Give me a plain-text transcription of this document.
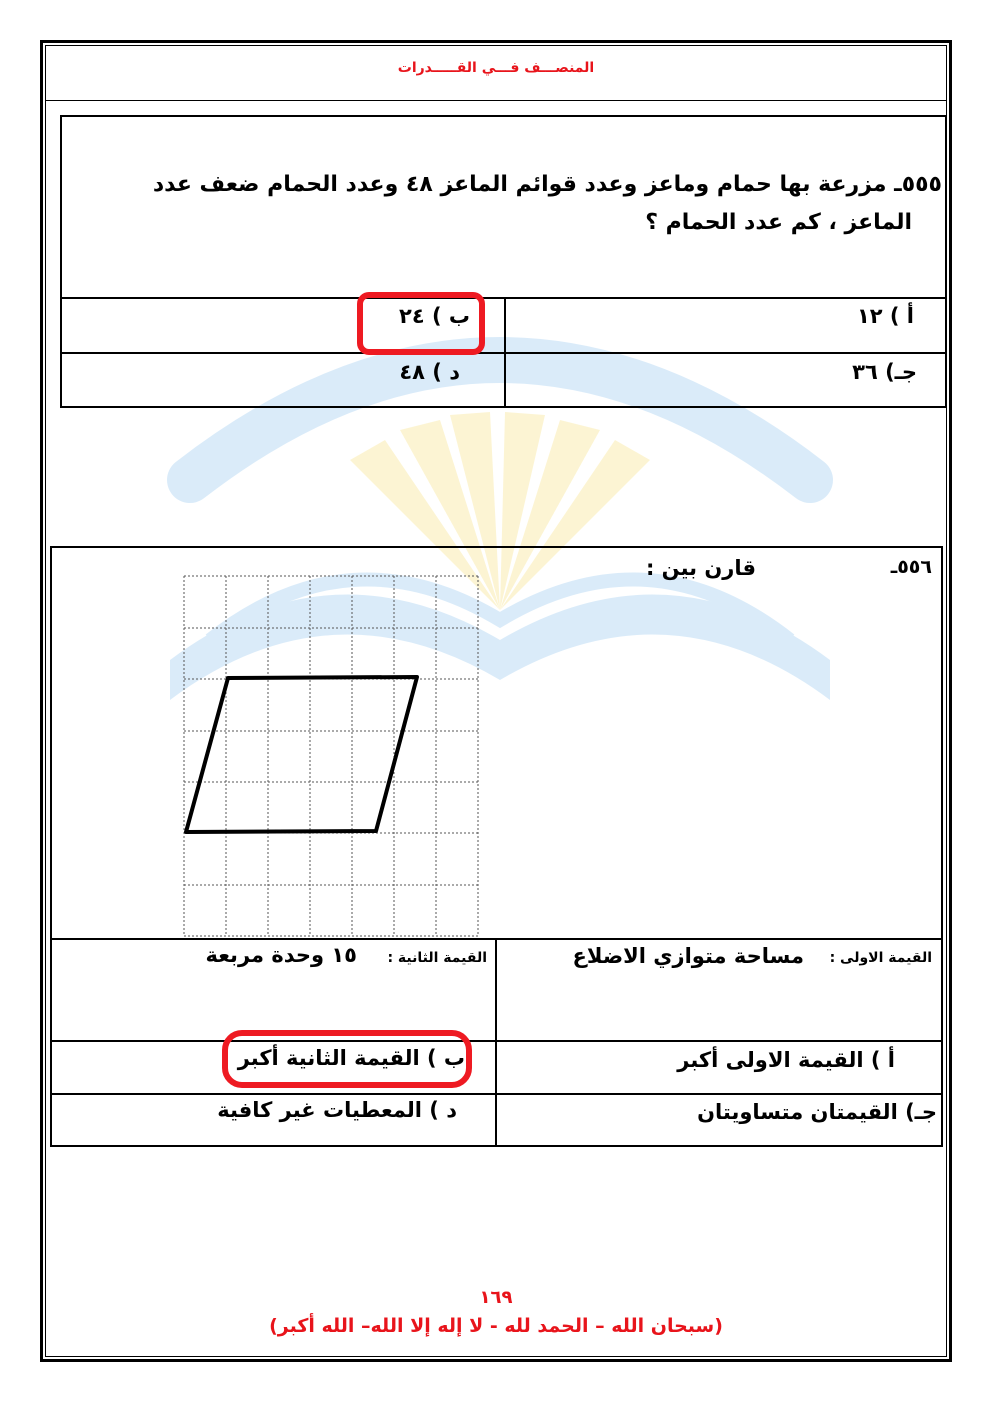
المنصـــف فـــي القـــــدرات
٥٥٥ـ مزرعة بها حمام وماعز وعدد قوائم الماعز ٤٨ وعدد الحمام ضعف عدد
الماعز ، كم عدد الحمام ؟
أ ) ١٢
ب ) ٢٤
جـ) ٣٦
د ) ٤٨
٥٥٦ـ
قارن بين :
القيمة الاولى :
مساحة متوازي الاضلاع
القيمة الثانية :
١٥ وحدة مربعة
أ ) القيمة الاولى أكبر
ب ) القيمة الثانية أكبر
جـ) القيمتان متساويتان
د ) المعطيات غير كافية
١٦٩
(سبحان الله – الحمد لله - لا إله إلا الله– الله أكبر)
